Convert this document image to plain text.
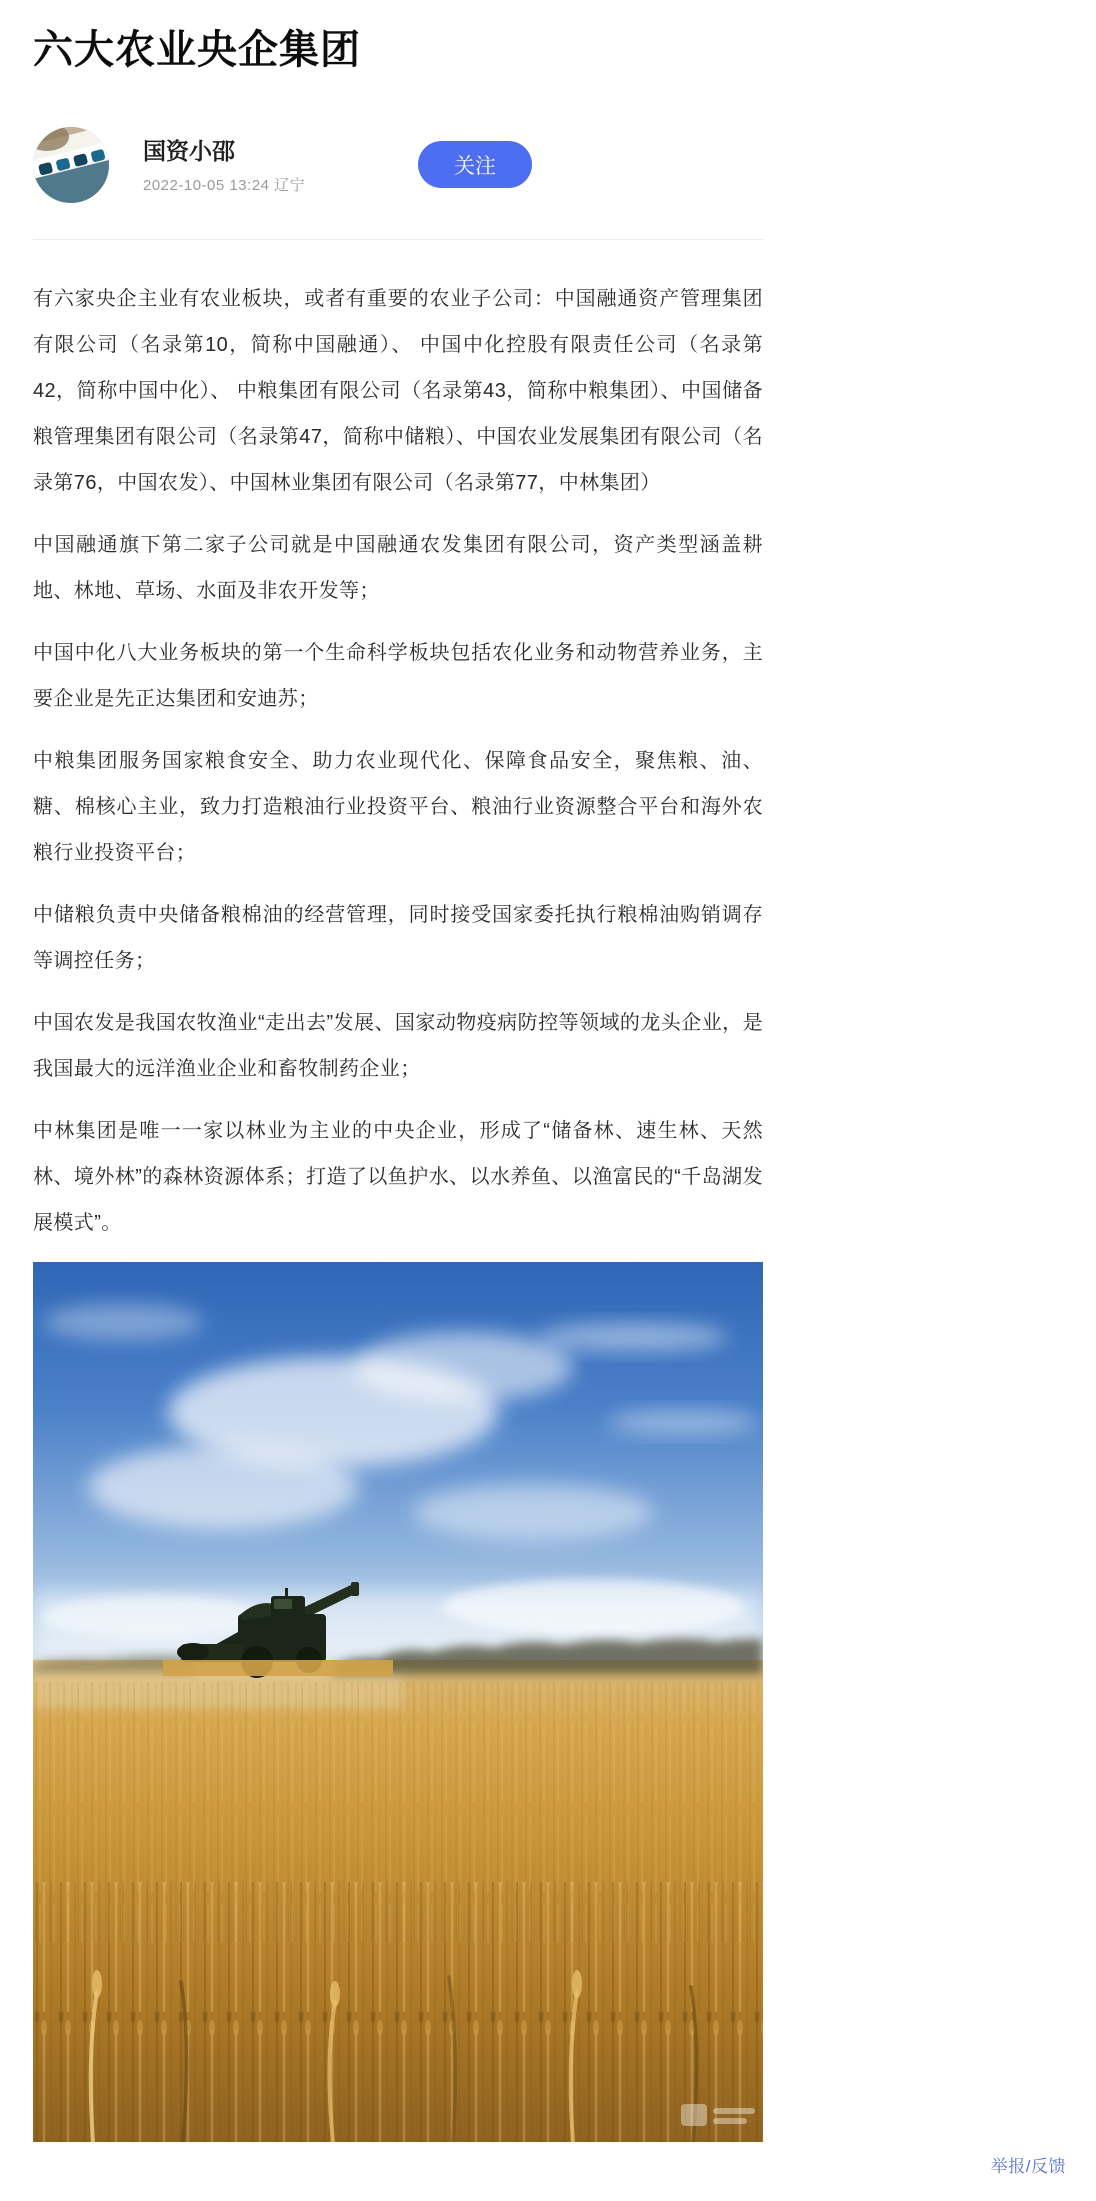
六大农业央企集团
国资小邵
2022-10-05 13:24 辽宁
关注

有六家央企主业有农业板块，或者有重要的农业子公司：中国融通资产管理集团有限公司（名录第10，简称中国融通）、 中国中化控股有限责任公司（名录第42，简称中国中化）、 中粮集团有限公司（名录第43，简称中粮集团）、中国储备粮管理集团有限公司（名录第47，简称中储粮）、中国农业发展集团有限公司（名录第76，中国农发）、中国林业集团有限公司（名录第77，中林集团）

中国融通旗下第二家子公司就是中国融通农发集团有限公司，资产类型涵盖耕地、林地、草场、水面及非农开发等；

中国中化八大业务板块的第一个生命科学板块包括农化业务和动物营养业务，主要企业是先正达集团和安迪苏；

中粮集团服务国家粮食安全、助力农业现代化、保障食品安全，聚焦粮、油、糖、棉核心主业，致力打造粮油行业投资平台、粮油行业资源整合平台和海外农粮行业投资平台；

中储粮负责中央储备粮棉油的经营管理，同时接受国家委托执行粮棉油购销调存等调控任务；

中国农发是我国农牧渔业“走出去”发展、国家动物疫病防控等领域的龙头企业，是我国最大的远洋渔业企业和畜牧制药企业；

中林集团是唯一一家以林业为主业的中央企业，形成了“储备林、速生林、天然林、境外林”的森林资源体系；打造了以鱼护水、以水养鱼、以渔富民的“千岛湖发展模式”。

举报/反馈
